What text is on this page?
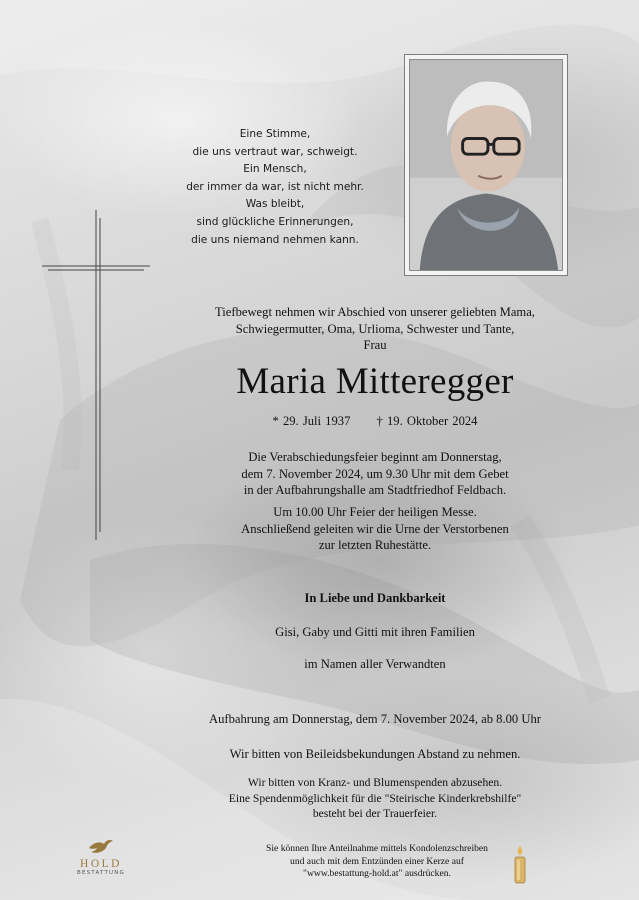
Eine Stimme,
die uns vertraut war, schweigt.
Ein Mensch,
der immer da war, ist nicht mehr.
Was bleibt,
sind glückliche Erinnerungen,
die uns niemand nehmen kann.
Tiefbewegt nehmen wir Abschied von unserer geliebten Mama,
Schwiegermutter, Oma, Urlioma, Schwester und Tante,
Frau
Maria Mitteregger
* 29. Juli 1937 † 19. Oktober 2024
Die Verabschiedungsfeier beginnt am Donnerstag,
dem 7. November 2024, um 9.30 Uhr mit dem Gebet
in der Aufbahrungshalle am Stadtfriedhof Feldbach.
Um 10.00 Uhr Feier der heiligen Messe.
Anschließend geleiten wir die Urne der Verstorbenen
zur letzten Ruhestätte.
In Liebe und Dankbarkeit
Gisi, Gaby und Gitti mit ihren Familien
im Namen aller Verwandten
Aufbahrung am Donnerstag, dem 7. November 2024, ab 8.00 Uhr
Wir bitten von Beileidsbekundungen Abstand zu nehmen.
Wir bitten von Kranz- und Blumenspenden abzusehen.
Eine Spendenmöglichkeit für die "Steirische Kinderkrebshilfe"
besteht bei der Trauerfeier.
Sie können Ihre Anteilnahme mittels Kondolenzschreiben
und auch mit dem Entzünden einer Kerze auf
"www.bestattung-hold.at" ausdrücken.
HOLD
BESTATTUNG
